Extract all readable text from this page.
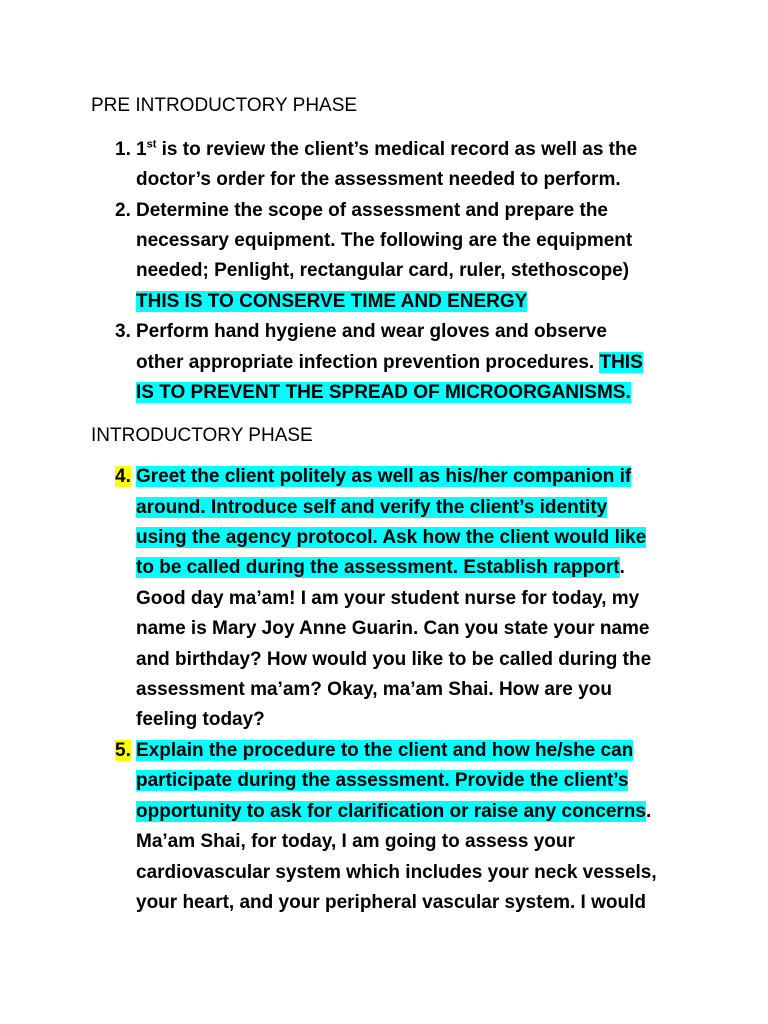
PRE INTRODUCTORY PHASE
1. 1st is to review the client’s medical record as well as the
doctor’s order for the assessment needed to perform.
2. Determine the scope of assessment and prepare the
necessary equipment. The following are the equipment
needed; Penlight, rectangular card, ruler, stethoscope)
THIS IS TO CONSERVE TIME AND ENERGY
3. Perform hand hygiene and wear gloves and observe
other appropriate infection prevention procedures. THIS
IS TO PREVENT THE SPREAD OF MICROORGANISMS.
INTRODUCTORY PHASE
4. Greet the client politely as well as his/her companion if
around. Introduce self and verify the client’s identity
using the agency protocol. Ask how the client would like
to be called during the assessment. Establish rapport.
Good day ma’am! I am your student nurse for today, my
name is Mary Joy Anne Guarin. Can you state your name
and birthday? How would you like to be called during the
assessment ma’am? Okay, ma’am Shai. How are you
feeling today?
5. Explain the procedure to the client and how he/she can
participate during the assessment. Provide the client’s
opportunity to ask for clarification or raise any concerns.
Ma’am Shai, for today, I am going to assess your
cardiovascular system which includes your neck vessels,
your heart, and your peripheral vascular system. I would
